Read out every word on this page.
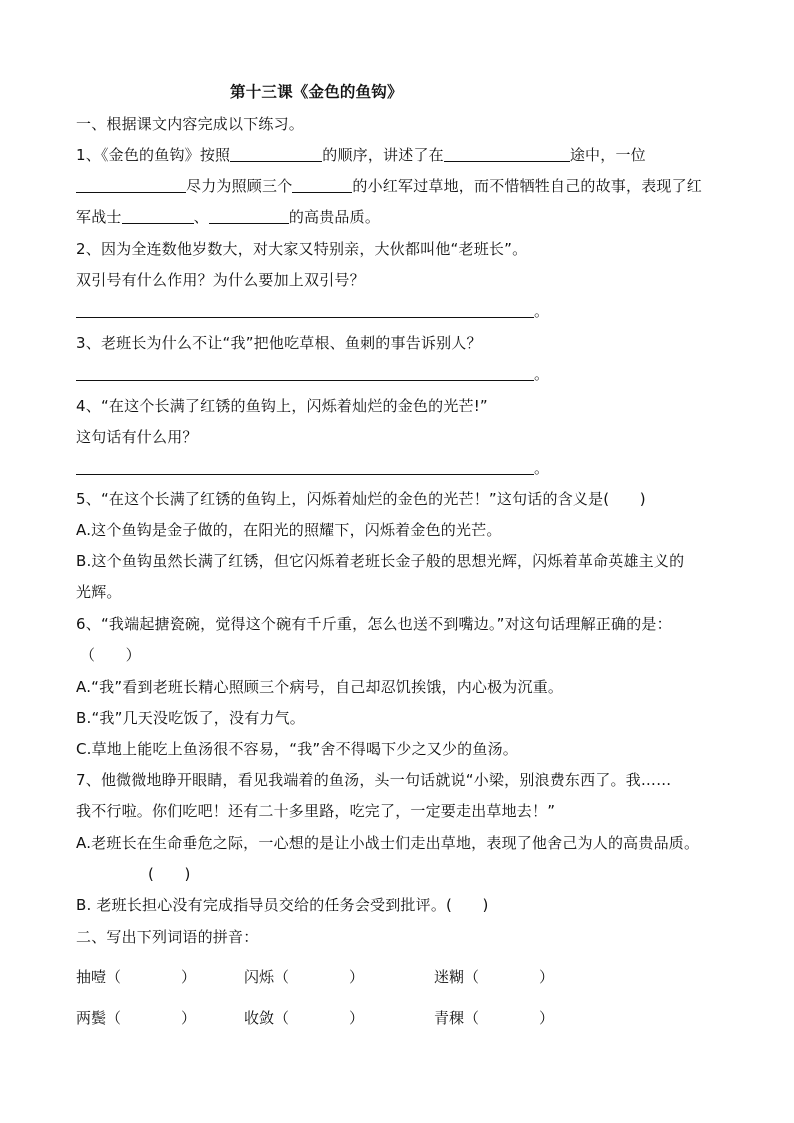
第十三课《金色的鱼钩》
一、根据课文内容完成以下练习。
1、《金色的鱼钩》按照	的顺序，讲述了在	途中，一位
尽力为照顾三个	的小红军过草地，而不惜牺牲自己的故事，表现了红
军战士	、	的高贵品质。
2、因为全连数他岁数大，对大家又特别亲，大伙都叫他“老班长”。
双引号有什么作用？为什么要加上双引号？
。
3、老班长为什么不让“我”把他吃草根、鱼刺的事告诉别人？
。
4、“在这个长满了红锈的鱼钩上，闪烁着灿烂的金色的光芒!”
这句话有什么用？
。
5、“在这个长满了红锈的鱼钩上，闪烁着灿烂的金色的光芒！”这句话的含义是(　　)
A.这个鱼钩是金子做的，在阳光的照耀下，闪烁着金色的光芒。
B.这个鱼钩虽然长满了红锈，但它闪烁着老班长金子般的思想光辉，闪烁着革命英雄主义的
光辉。
6、“我端起搪瓷碗，觉得这个碗有千斤重，怎么也送不到嘴边。”对这句话理解正确的是：
（　　）
A.“我”看到老班长精心照顾三个病号，自己却忍饥挨饿，内心极为沉重。
B.“我”几天没吃饭了，没有力气。
C.草地上能吃上鱼汤很不容易，“我”舍不得喝下少之又少的鱼汤。
7、他微微地睁开眼睛，看见我端着的鱼汤，头一句话就说“小梁，别浪费东西了。我……
我不行啦。你们吃吧！还有二十多里路，吃完了，一定要走出草地去！”
A.老班长在生命垂危之际，一心想的是让小战士们走出草地，表现了他舍己为人的高贵品质。
(　　)
B. 老班长担心没有完成指导员交给的任务会受到批评。(　　)
二、写出下列词语的拼音：
抽噎（　　　　）	闪烁（　　　　）	迷糊（　　　　）
两鬓（　　　　）	收敛（　　　　）	青稞（　　　　）
